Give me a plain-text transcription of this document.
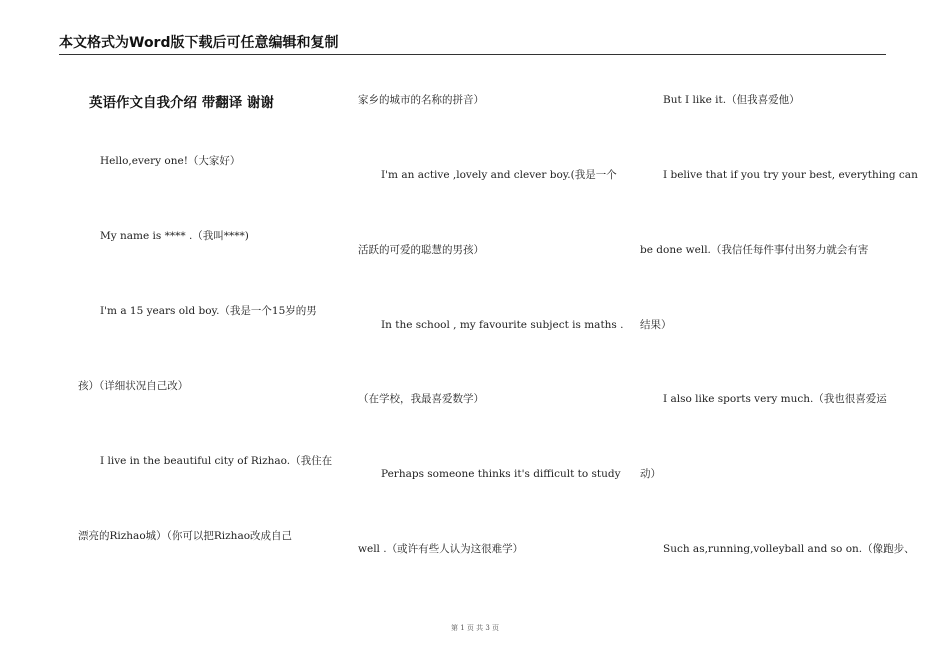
本文格式为Word版下载后可任意编辑和复制
英语作文自我介绍 带翻译 谢谢
Hello,every one!（大家好）
My name is **** .（我叫****)
I'm a 15 years old boy.（我是一个15岁的男
孩）（详细状况自己改）
I live in the beautiful city of Rizhao.（我住在
漂亮的Rizhao城）（你可以把Rizhao改成自己
家乡的城市的名称的拼音）
I'm an active ,lovely and clever boy.(我是一个
活跃的可爱的聪慧的男孩）
In the school , my favourite subject is maths .
（在学校，我最喜爱数学）
Perhaps someone thinks it's difficult to study
well .（或许有些人认为这很难学）
But I like it.（但我喜爱他）
I belive that if you try your best, everything can
be done well.（我信任每件事付出努力就会有害
结果）
I also like sports very much.（我也很喜爱运
动）
Such as,running,volleyball and so on.（像跑步、
第 1 页 共 3 页
